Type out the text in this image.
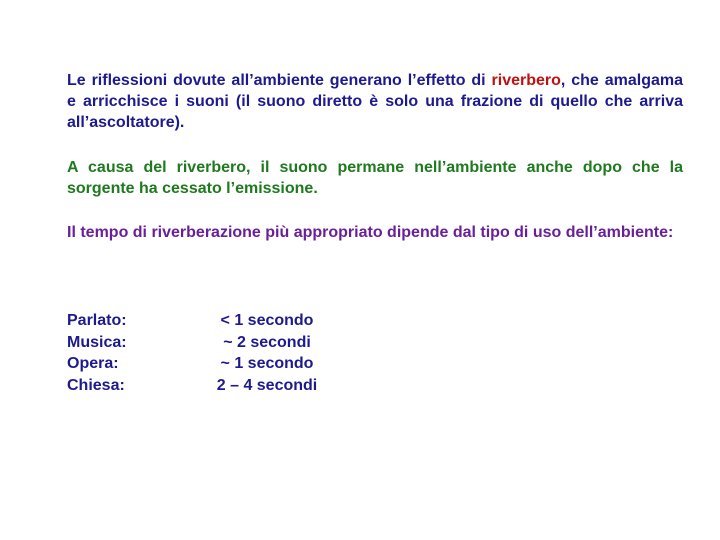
Le riflessioni dovute all’ambiente generano l’effetto di riverbero, che amalgama e arricchisce i suoni (il suono diretto è solo una frazione di quello che arriva all’ascoltatore).

A causa del riverbero, il suono permane nell’ambiente anche dopo che la sorgente ha cessato l’emissione.

Il tempo di riverberazione più appropriato dipende dal tipo di uso dell’ambiente:

Parlato:	< 1 secondo
Musica:	~ 2 secondi
Opera:	~ 1 secondo
Chiesa:	2 – 4 secondi
